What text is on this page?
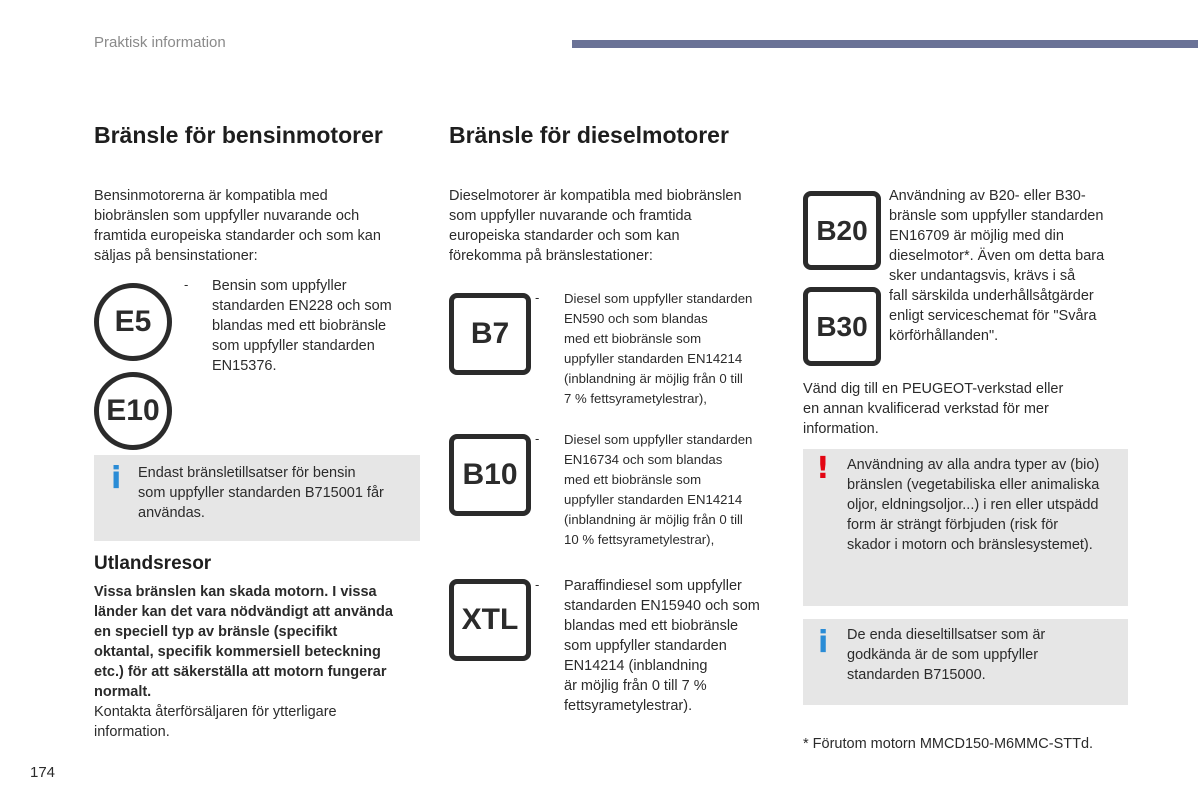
Praktisk information
Bränsle för bensinmotorer
Bensinmotorerna är kompatibla med
biobränslen som uppfyller nuvarande och
framtida europeiska standarder och som kan
säljas på bensinstationer:
E5
E10
- Bensin som uppfyller
standarden EN228 och som
blandas med ett biobränsle
som uppfyller standarden
EN15376.
i Endast bränsletillsatser för bensin
som uppfyller standarden B715001 får
användas.
Utlandsresor
Vissa bränslen kan skada motorn. I vissa
länder kan det vara nödvändigt att använda
en speciell typ av bränsle (specifikt
oktantal, specifik kommersiell beteckning
etc.) för att säkerställa att motorn fungerar
normalt.
Kontakta återförsäljaren för ytterligare
information.
Bränsle för dieselmotorer
Dieselmotorer är kompatibla med biobränslen
som uppfyller nuvarande och framtida
europeiska standarder och som kan
förekomma på bränslestationer:
B7
- Diesel som uppfyller standarden
EN590 och som blandas
med ett biobränsle som
uppfyller standarden EN14214
(inblandning är möjlig från 0 till
7 % fettsyrametylestrar),
B10
- Diesel som uppfyller standarden
EN16734 och som blandas
med ett biobränsle som
uppfyller standarden EN14214
(inblandning är möjlig från 0 till
10 % fettsyrametylestrar),
XTL
- Paraffindiesel som uppfyller
standarden EN15940 och som
blandas med ett biobränsle
som uppfyller standarden
EN14214 (inblandning
är möjlig från 0 till 7 %
fettsyrametylestrar).
B20
B30
Användning av B20- eller B30-
bränsle som uppfyller standarden
EN16709 är möjlig med din
dieselmotor*. Även om detta bara
sker undantagsvis, krävs i så
fall särskilda underhållsåtgärder
enligt serviceschemat för "Svåra
körförhållanden".
Vänd dig till en PEUGEOT-verkstad eller
en annan kvalificerad verkstad för mer
information.
! Användning av alla andra typer av (bio)
bränslen (vegetabiliska eller animaliska
oljor, eldningsoljor...) i ren eller utspädd
form är strängt förbjuden (risk för
skador i motorn och bränslesystemet).
i De enda dieseltillsatser som är
godkända är de som uppfyller
standarden B715000.
* Förutom motorn MMCD150-M6MMC-STTd.
174
